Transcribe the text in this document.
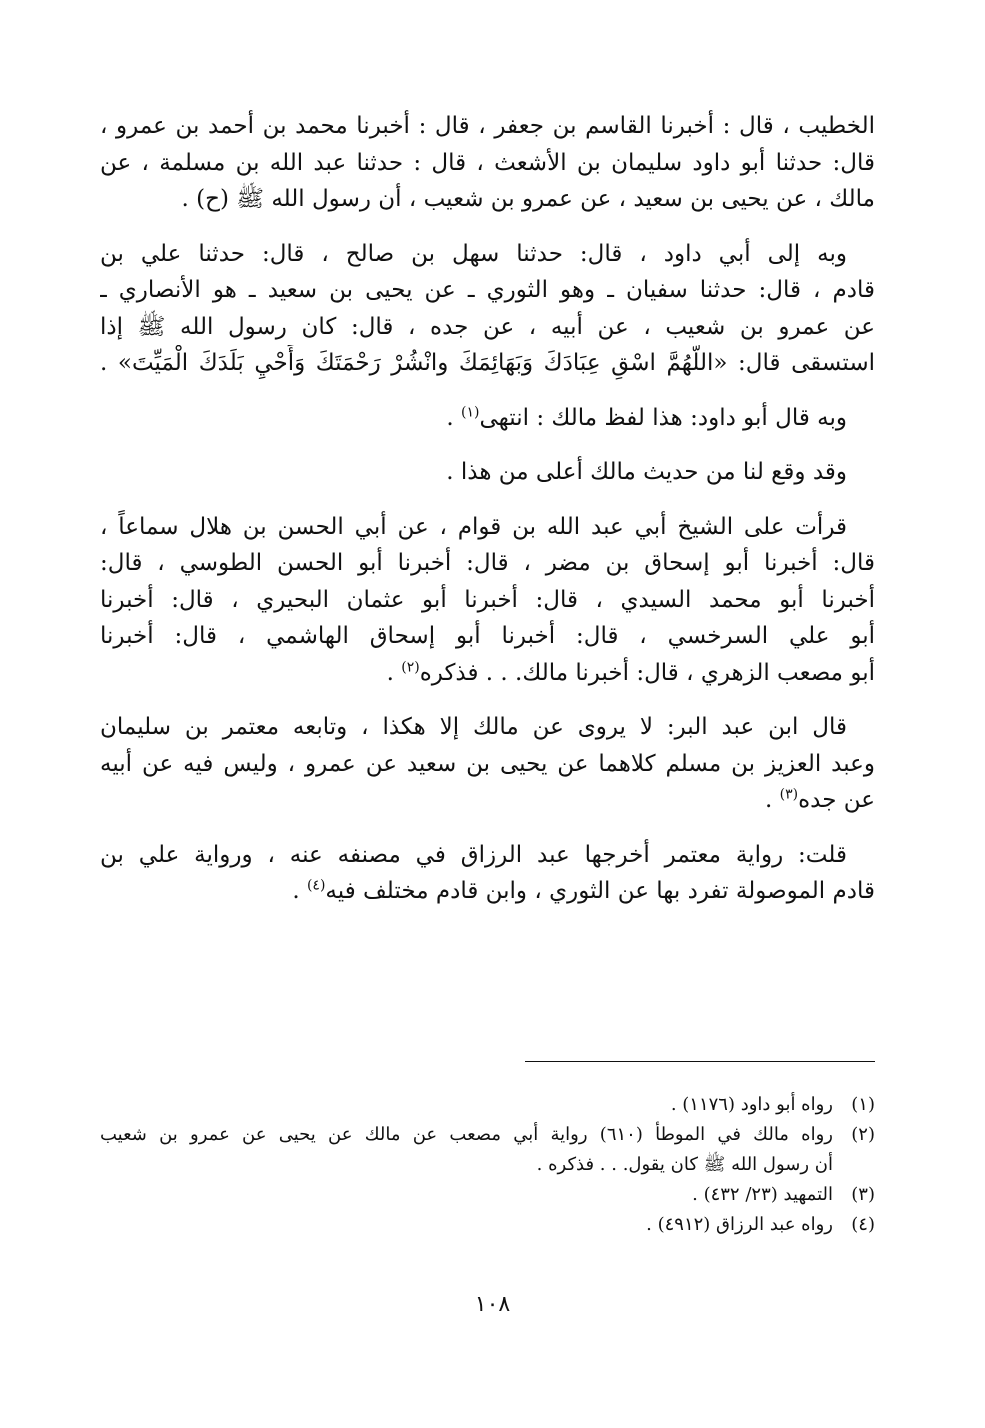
الخطيب ، قال : أخبرنا القاسم بن جعفر ، قال : أخبرنا محمد بن أحمد بن عمرو ،
قال: حدثنا أبو داود سليمان بن الأشعث ، قال : حدثنا عبد الله بن مسلمة ، عن
مالك ، عن يحيى بن سعيد ، عن عمرو بن شعيب ، أن رسول الله ﷺ (ح) .

وبه إلى أبي داود ، قال: حدثنا سهل بن صالح ، قال: حدثنا علي بن
قادم ، قال: حدثنا سفيان ـ وهو الثوري ـ عن يحيى بن سعيد ـ هو الأنصاري ـ
عن عمرو بن شعيب ، عن أبيه ، عن جده ، قال: كان رسول الله ﷺ إذا
استسقى قال: «اللَّهُمَّ اسْقِ عِبَادَكَ وَبَهَائِمَكَ وانْشُرْ رَحْمَتَكَ وَأَحْيِ بَلَدَكَ الْمَيِّتَ» .

وبه قال أبو داود: هذا لفظ مالك : انتهى$^{(١)}$ .

وقد وقع لنا من حديث مالك أعلى من هذا .

قرأت على الشيخ أبي عبد الله بن قوام ، عن أبي الحسن بن هلال سماعاً ،
قال: أخبرنا أبو إسحاق بن مضر ، قال: أخبرنا أبو الحسن الطوسي ، قال:
أخبرنا أبو محمد السيدي ، قال: أخبرنا أبو عثمان البحيري ، قال: أخبرنا
أبو علي السرخسي ، قال: أخبرنا أبو إسحاق الهاشمي ، قال: أخبرنا
أبو مصعب الزهري ، قال: أخبرنا مالك. . . فذكره$^{(٢)}$ .

قال ابن عبد البر: لا يروى عن مالك إلا هكذا ، وتابعه معتمر بن سليمان
وعبد العزيز بن مسلم كلاهما عن يحيى بن سعيد عن عمرو ، وليس فيه عن أبيه
عن جده$^{(٣)}$ .

قلت: رواية معتمر أخرجها عبد الرزاق في مصنفه عنه ، ورواية علي بن
قادم الموصولة تفرد بها عن الثوري ، وابن قادم مختلف فيه$^{(٤)}$ .

(١)
رواه أبو داود (١١٧٦) .
(٢)
رواه مالك في الموطأ (٦١٠) رواية أبي مصعب عن مالك عن يحيى عن عمرو بن شعيب
أن رسول الله ﷺ كان يقول. . . فذكره .
(٣)
التمهيد (٢٣/ ٤٣٢) .
(٤)
رواه عبد الرزاق (٤٩١٢) .
١٠٨
